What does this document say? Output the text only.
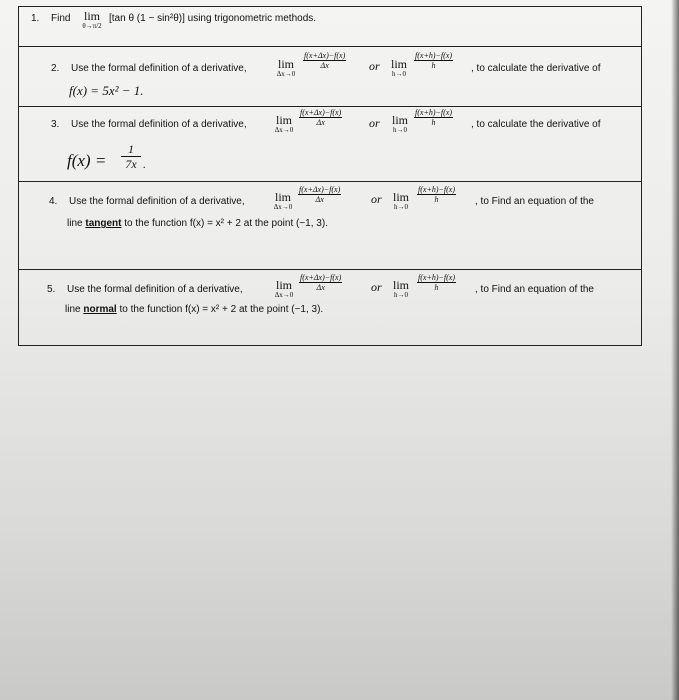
1. Find	lim
θ→π/2
[tan θ (1 − sin²θ)] using trigonometric methods.
2. Use the formal definition of a derivative,	lim
Δx→0
$\frac{f(x+\Delta x)-f(x)}{\Delta x}$ or lim
h→0
$\frac{f(x+h)-f(x)}{h}$ , to calculate the derivative of
f(x) = 5x² − 1.
3. Use the formal definition of a derivative,	lim
Δx→0
$\frac{f(x+\Delta x)-f(x)}{\Delta x}$ or	lim
h→0
$\frac{f(x+h)-f(x)}{h}$ , to calculate the derivative of
f(x) =
1
7x .
4. Use the formal definition of a derivative,	lim
Δx→0
$\frac{f(x+\Delta x)-f(x)}{\Delta x}$ or lim
h→0
$\frac{f(x+h)-f(x)}{h}$ , to Find an equation of the
line tangent to the function f(x) = x² + 2 at the point (−1, 3).
5. Use the formal definition of a derivative,	lim
Δx→0
$\frac{f(x+\Delta x)-f(x)}{\Delta x}$ or lim
h→0
$\frac{f(x+h)-f(x)}{h}$ , to Find an equation of the
line normal to the function f(x) = x² + 2 at the point (−1, 3).
